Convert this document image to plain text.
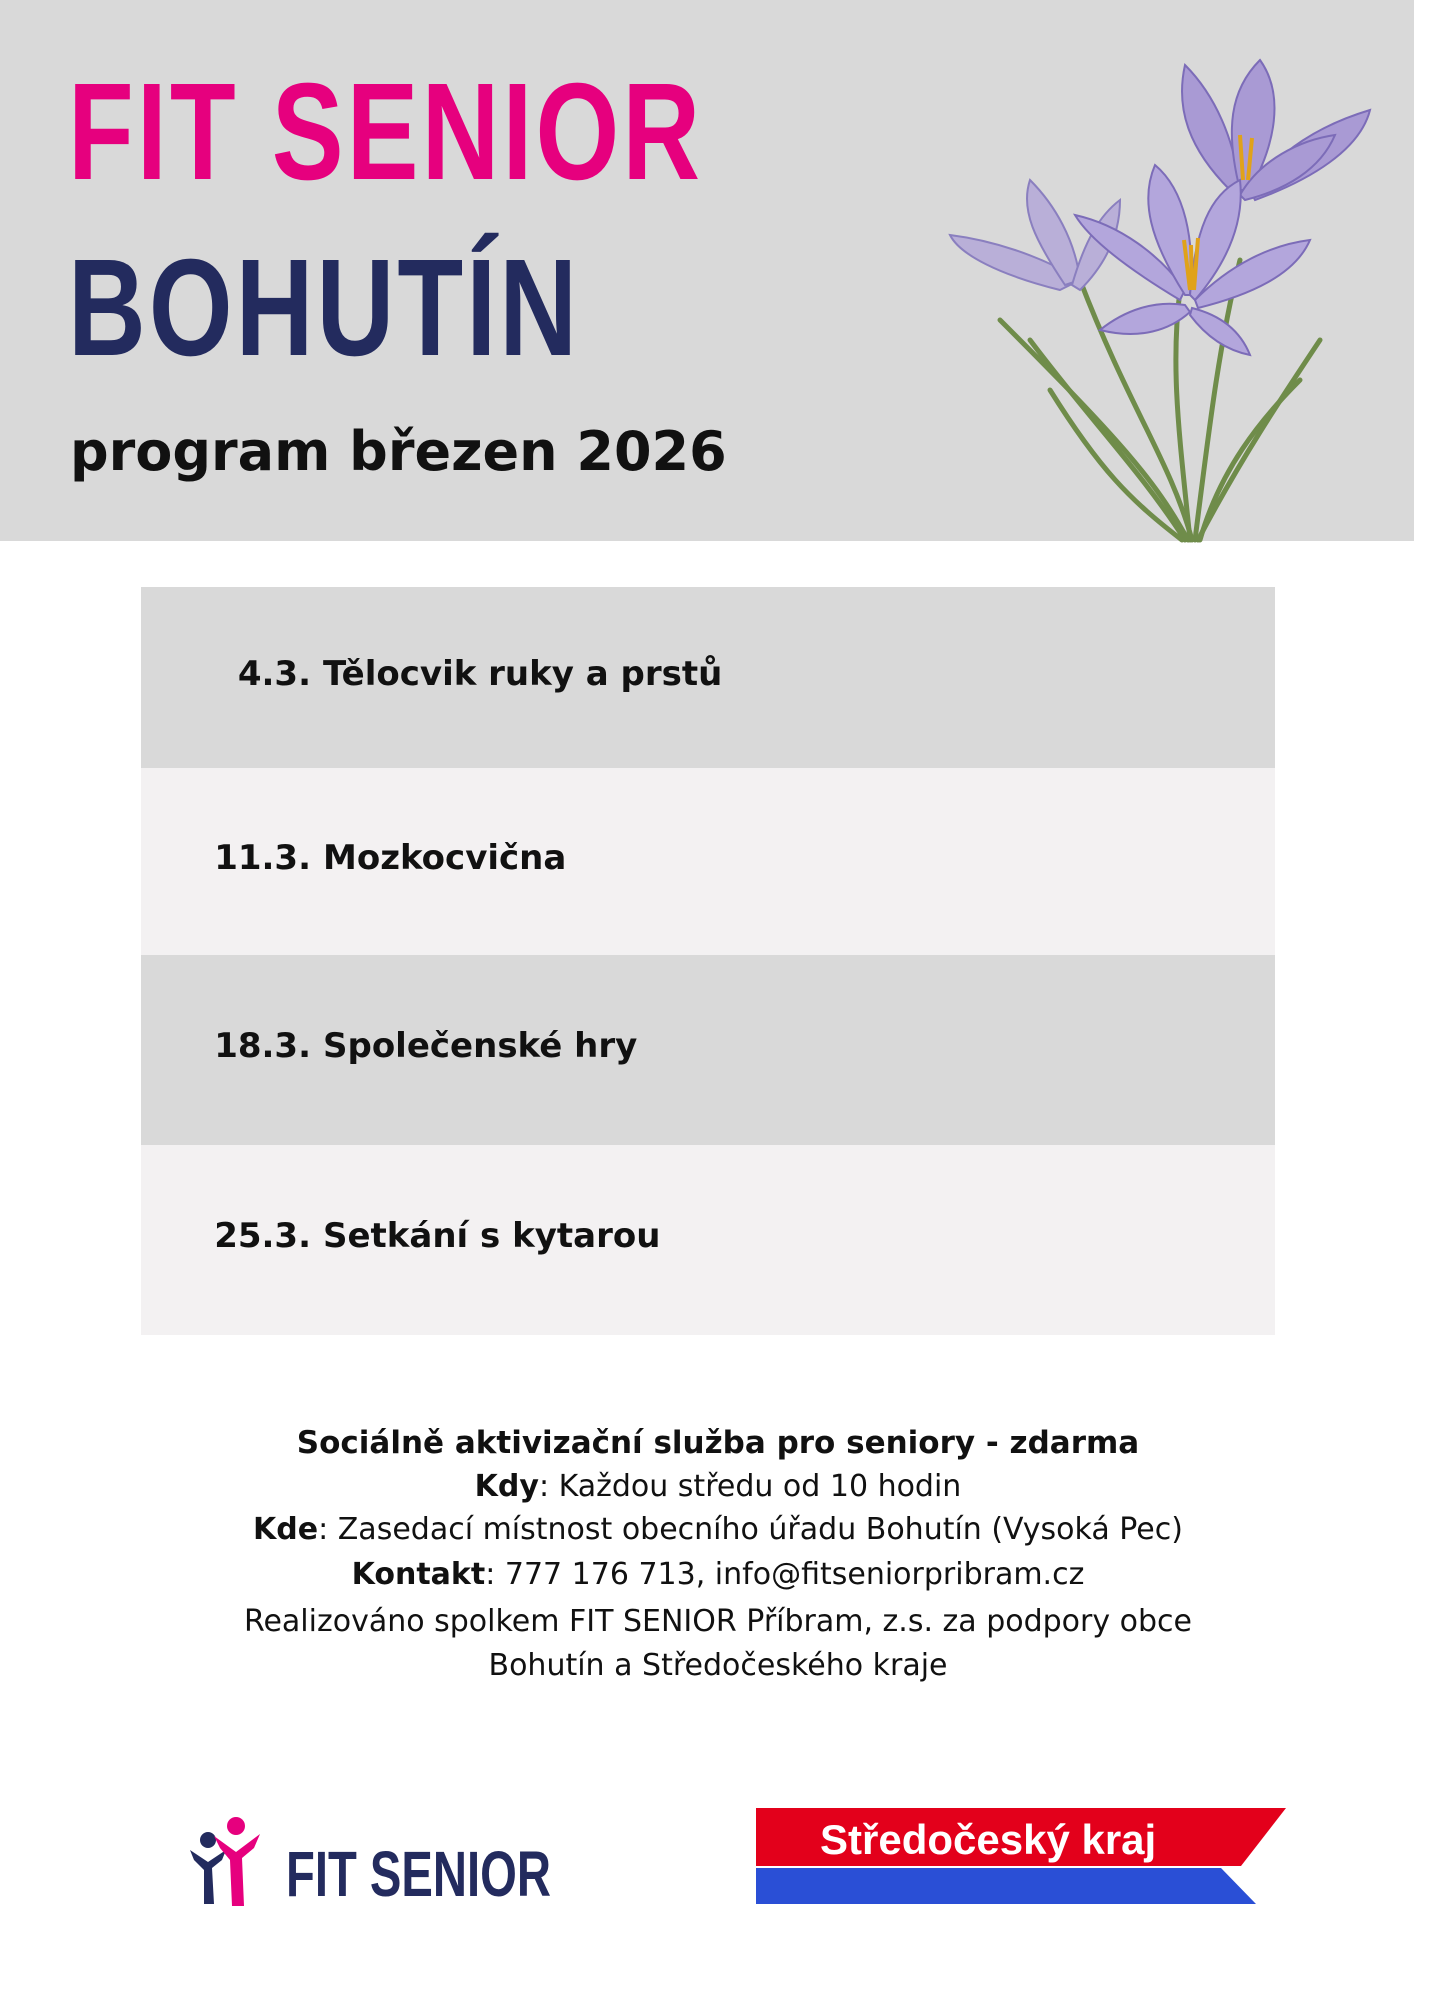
FIT SENIOR
BOHUTÍN
program březen 2026
4.3. Tělocvik ruky a prstů
11.3. Mozkocvična
18.3. Společenské hry
25.3. Setkání s kytarou
Sociálně aktivizační služba pro seniory - zdarma
Kdy: Každou středu od 10 hodin
Kde: Zasedací místnost obecního úřadu Bohutín (Vysoká Pec)
Kontakt: 777 176 713, info@fitseniorpribram.cz
Realizováno spolkem FIT SENIOR Příbram, z.s. za podpory obce
Bohutín a Středočeského kraje
FIT SENIOR	Středočeský kraj
